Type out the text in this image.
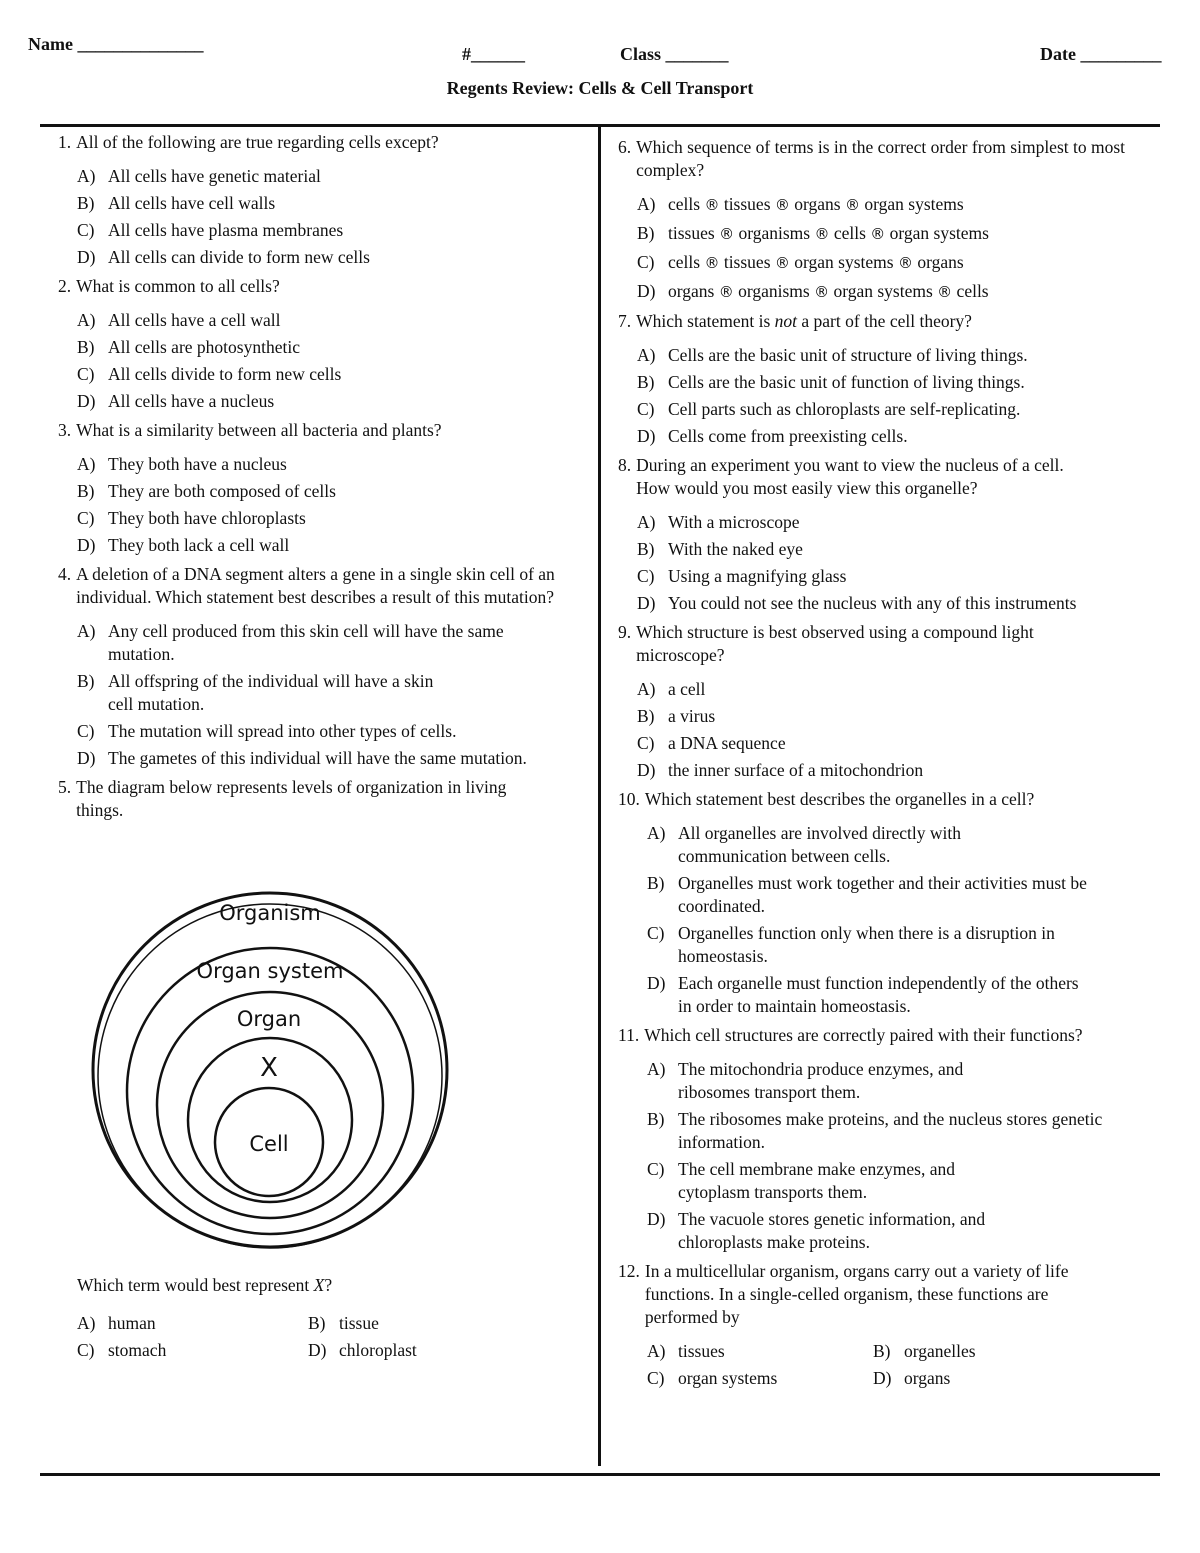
Name ______________	#______	Class _______	Date _________
Regents Review: Cells & Cell Transport
1. All of the following are true regarding cells except?
A) All cells have genetic material
B) All cells have cell walls
C) All cells have plasma membranes
D) All cells can divide to form new cells
2. What is common to all cells?
A) All cells have a cell wall
B) All cells are photosynthetic
C) All cells divide to form new cells
D) All cells have a nucleus
3. What is a similarity between all bacteria and plants?
A) They both have a nucleus
B) They are both composed of cells
C) They both have chloroplasts
D) They both lack a cell wall
4. A deletion of a DNA segment alters a gene in a single skin cell of an individual. Which statement best describes a result of this mutation?
A) Any cell produced from this skin cell will have the same mutation.
B) All offspring of the individual will have a skin cell mutation.
C) The mutation will spread into other types of cells.
D) The gametes of this individual will have the same mutation.
5. The diagram below represents levels of organization in living things.
Organism
Organ system
Organ
X
Cell
Which term would best represent X?
A) human	B) tissue
C) stomach	D) chloroplast
6. Which sequence of terms is in the correct order from simplest to most complex?
A) cells ® tissues ® organs ® organ systems
B) tissues ® organisms ® cells ® organ systems
C) cells ® tissues ® organ systems ® organs
D) organs ® organisms ® organ systems ® cells
7. Which statement is not a part of the cell theory?
A) Cells are the basic unit of structure of living things.
B) Cells are the basic unit of function of living things.
C) Cell parts such as chloroplasts are self-replicating.
D) Cells come from preexisting cells.
8. During an experiment you want to view the nucleus of a cell. How would you most easily view this organelle?
A) With a microscope
B) With the naked eye
C) Using a magnifying glass
D) You could not see the nucleus with any of this instruments
9. Which structure is best observed using a compound light microscope?
A) a cell
B) a virus
C) a DNA sequence
D) the inner surface of a mitochondrion
10. Which statement best describes the organelles in a cell?
A) All organelles are involved directly with communication between cells.
B) Organelles must work together and their activities must be coordinated.
C) Organelles function only when there is a disruption in homeostasis.
D) Each organelle must function independently of the others in order to maintain homeostasis.
11. Which cell structures are correctly paired with their functions?
A) The mitochondria produce enzymes, and ribosomes transport them.
B) The ribosomes make proteins, and the nucleus stores genetic information.
C) The cell membrane make enzymes, and cytoplasm transports them.
D) The vacuole stores genetic information, and chloroplasts make proteins.
12. In a multicellular organism, organs carry out a variety of life functions. In a single-celled organism, these functions are performed by
A) tissues	B) organelles
C) organ systems	D) organs
